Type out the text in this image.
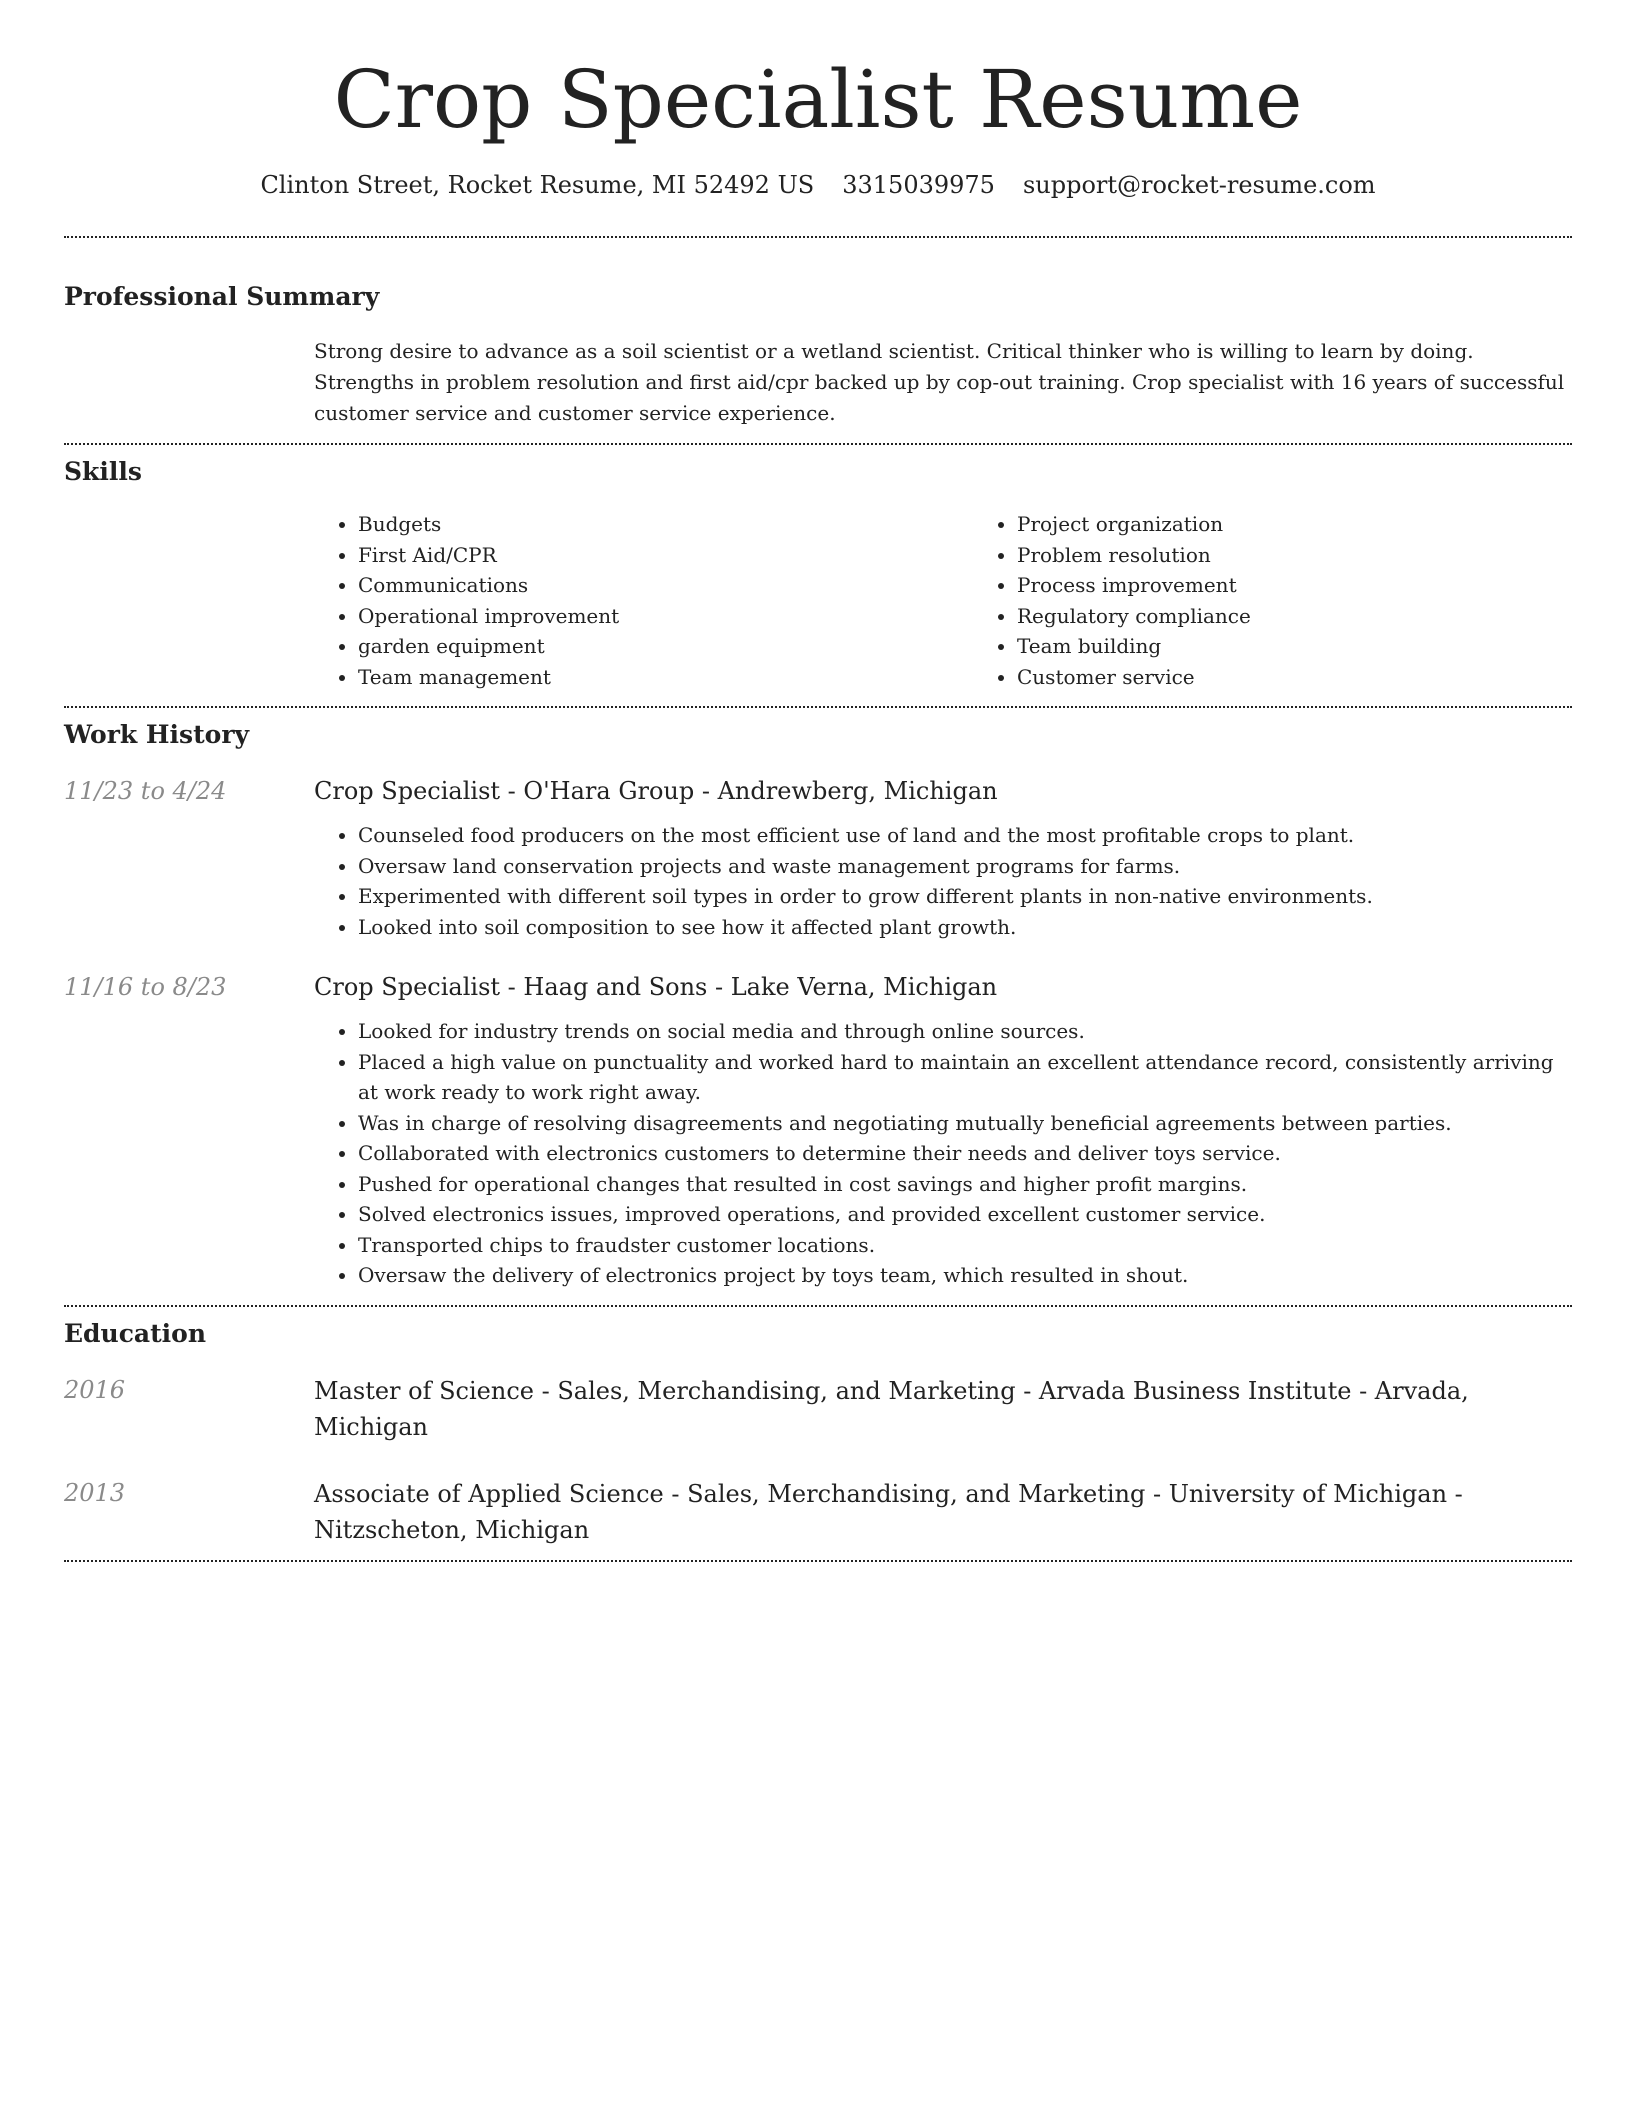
Crop Specialist Resume
Clinton Street, Rocket Resume, MI 52492 US 3315039975 support@rocket-resume.com
Professional Summary
Strong desire to advance as a soil scientist or a wetland scientist. Critical thinker who is willing to learn by doing. Strengths in problem resolution and first aid/cpr backed up by cop-out training. Crop specialist with 16 years of successful customer service and customer service experience.
Skills
• Budgets
• First Aid/CPR
• Communications
• Operational improvement
• garden equipment
• Team management
• Project organization
• Problem resolution
• Process improvement
• Regulatory compliance
• Team building
• Customer service
Work History
11/23 to 4/24	Crop Specialist - O'Hara Group - Andrewberg, Michigan
• Counseled food producers on the most efficient use of land and the most profitable crops to plant.
• Oversaw land conservation projects and waste management programs for farms.
• Experimented with different soil types in order to grow different plants in non-native environments.
• Looked into soil composition to see how it affected plant growth.
11/16 to 8/23	Crop Specialist - Haag and Sons - Lake Verna, Michigan
• Looked for industry trends on social media and through online sources.
• Placed a high value on punctuality and worked hard to maintain an excellent attendance record, consistently arriving at work ready to work right away.
• Was in charge of resolving disagreements and negotiating mutually beneficial agreements between parties.
• Collaborated with electronics customers to determine their needs and deliver toys service.
• Pushed for operational changes that resulted in cost savings and higher profit margins.
• Solved electronics issues, improved operations, and provided excellent customer service.
• Transported chips to fraudster customer locations.
• Oversaw the delivery of electronics project by toys team, which resulted in shout.
Education
2016	Master of Science - Sales, Merchandising, and Marketing - Arvada Business Institute - Arvada, Michigan
2013	Associate of Applied Science - Sales, Merchandising, and Marketing - University of Michigan - Nitzscheton, Michigan
